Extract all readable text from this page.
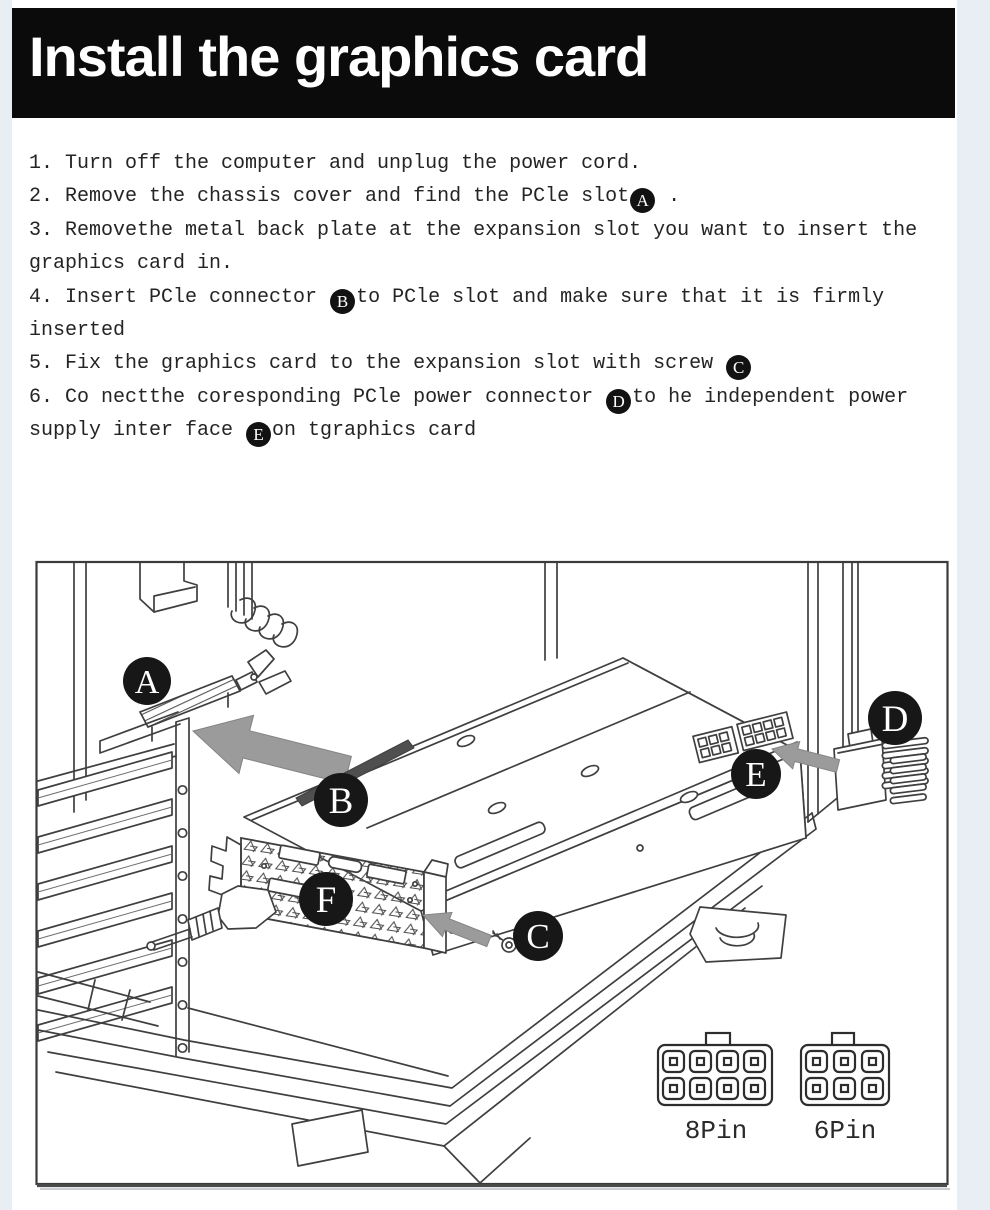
Install the graphics card
1. Turn off the computer and unplug the power cord.
2. Remove the chassis cover and find the PCle slot A .
3. Removethe metal back plate at the expansion slot you want to insert the
graphics card in.
4. Insert PCle connector B to PCle slot and make sure that it is firmly
inserted
5. Fix the graphics card to the expansion slot with screw C
6. Co nectthe coresponding PCle power connector D to he independent power
supply inter face E on tgraphics card
8Pin	6Pin
A
B
C
D
E
F
